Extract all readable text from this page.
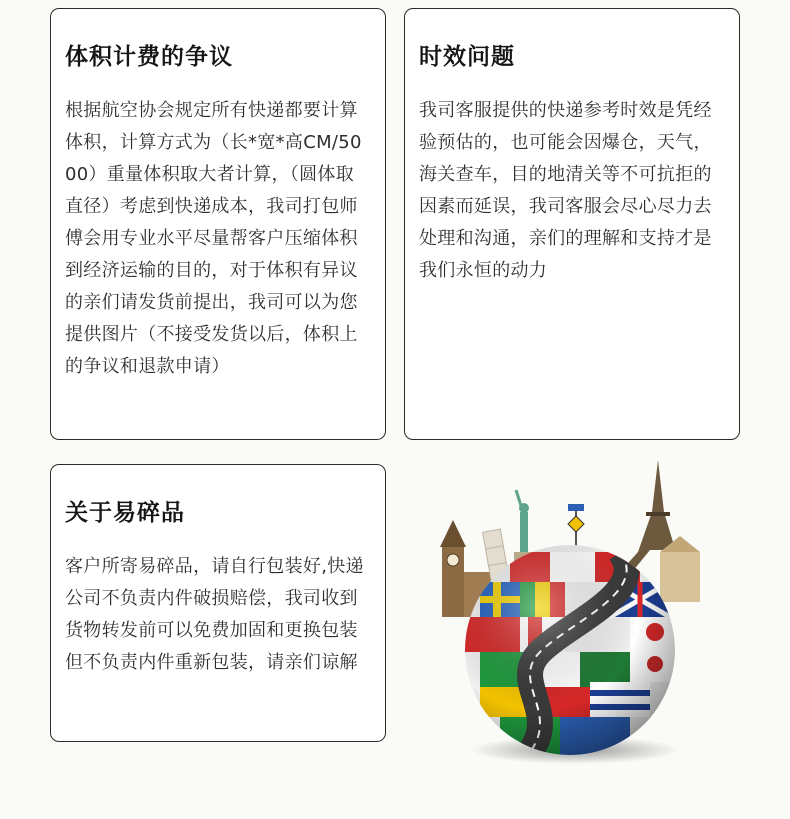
体积计费的争议

根据航空协会规定所有快递都要计算体积，计算方式为（长*宽*高CM/5000）重量体积取大者计算，（圆体取直径）考虑到快递成本，我司打包师傅会用专业水平尽量帮客户压缩体积到经济运输的目的，对于体积有异议的亲们请发货前提出，我司可以为您提供图片（不接受发货以后，体积上的争议和退款申请）

时效问题

我司客服提供的快递参考时效是凭经验预估的，也可能会因爆仓，天气，海关查车，目的地清关等不可抗拒的因素而延误，我司客服会尽心尽力去处理和沟通，亲们的理解和支持才是我们永恒的动力

关于易碎品

客户所寄易碎品，请自行包装好,快递公司不负责内件破损赔偿，我司收到货物转发前可以免费加固和更换包装但不负责内件重新包装，请亲们谅解
